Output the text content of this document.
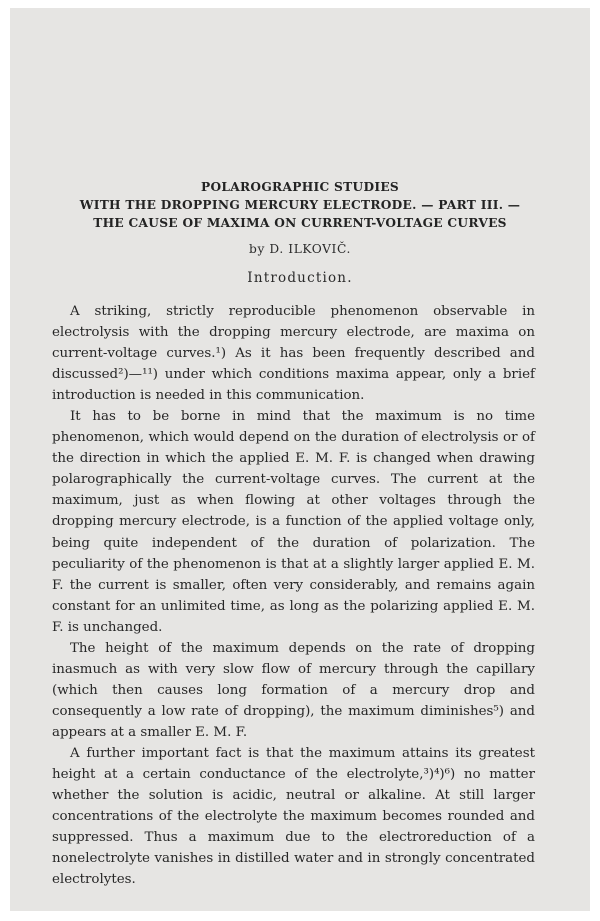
POLAROGRAPHIC STUDIES
WITH THE DROPPING MERCURY ELECTRODE. — PART III. —
THE CAUSE OF MAXIMA ON CURRENT-VOLTAGE CURVES
by D. ILKOVIČ.
Introduction.

A striking, strictly reproducible phenomenon observable in electrolysis with the dropping mercury electrode, are maxima on current-voltage curves.¹) As it has been frequently described and discussed²)—¹¹) under which conditions maxima appear, only a brief introduction is needed in this communication.

It has to be borne in mind that the maximum is no time phenomenon, which would depend on the duration of electrolysis or of the direction in which the applied E. M. F. is changed when drawing polarographically the current-voltage curves. The current at the maximum, just as when flowing at other voltages through the dropping mercury electrode, is a function of the applied voltage only, being quite independent of the duration of polarization. The peculiarity of the phenomenon is that at a slightly larger applied E. M. F. the current is smaller, often very considerably, and remains again constant for an unlimited time, as long as the polarizing applied E. M. F. is unchanged.

The height of the maximum depends on the rate of dropping inasmuch as with very slow flow of mercury through the capillary (which then causes long formation of a mercury drop and consequently a low rate of dropping), the maximum diminishes⁵) and appears at a smaller E. M. F.

A further important fact is that the maximum attains its greatest height at a certain conductance of the electrolyte,³)⁴)⁶) no matter whether the solution is acidic, neutral or alkaline. At still larger concentrations of the electrolyte the maximum becomes rounded and suppressed. Thus a maximum due to the electroreduction of a nonelectrolyte vanishes in distilled water and in strongly concentrated electrolytes.
